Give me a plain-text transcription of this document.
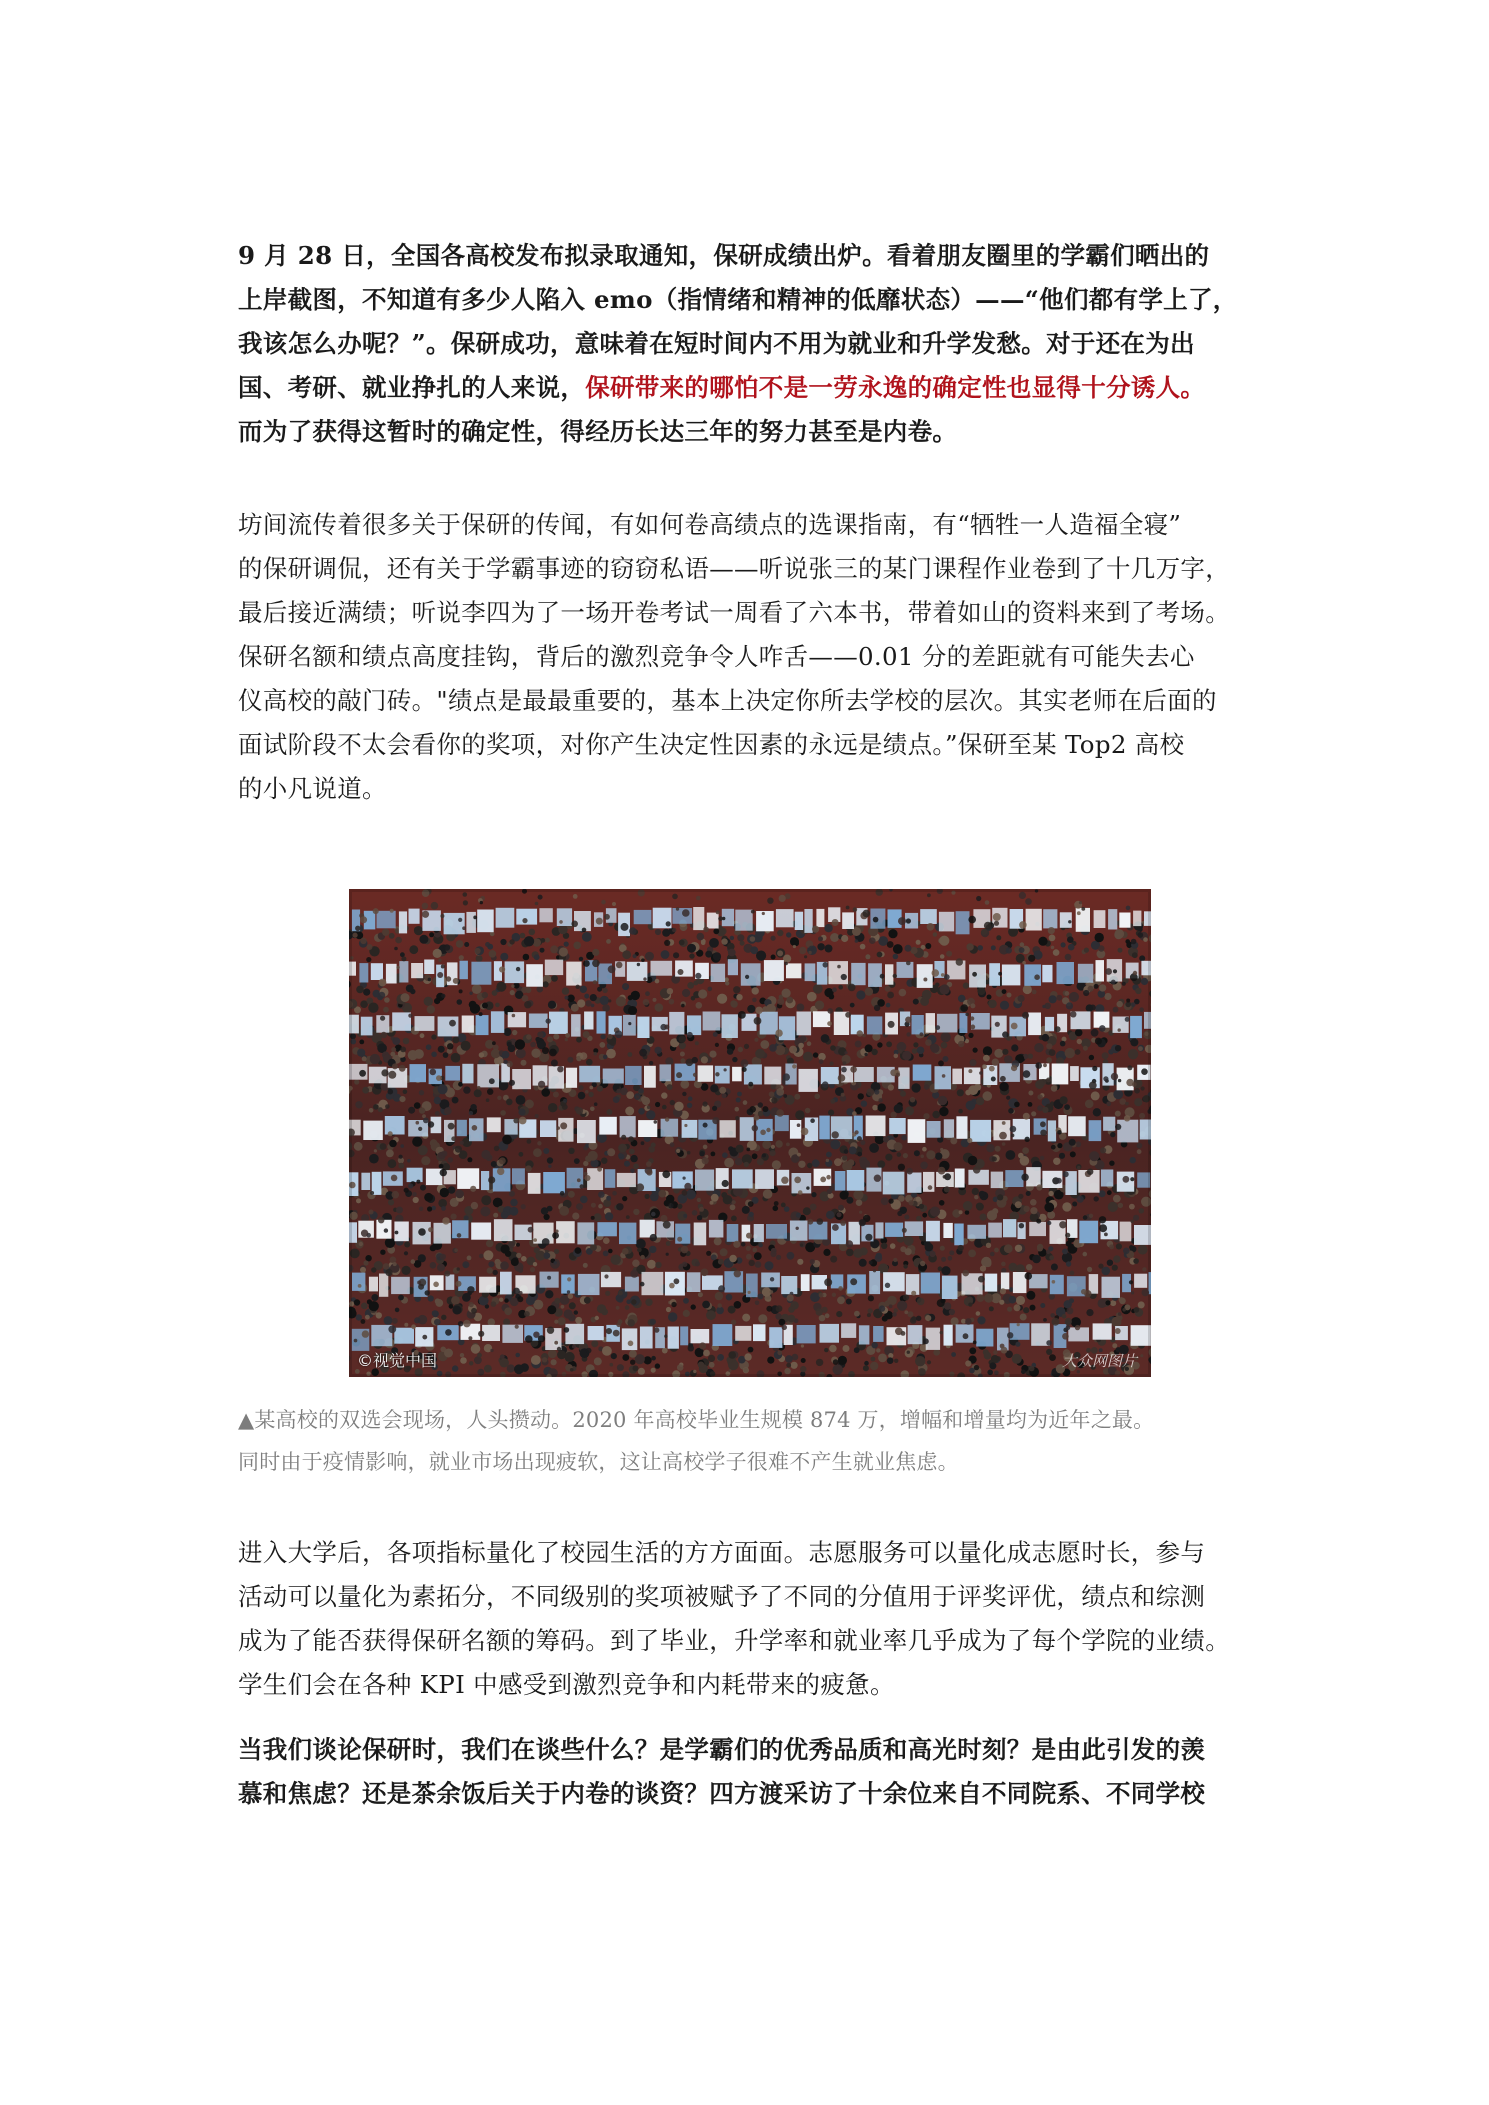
9 月 28 日，全国各高校发布拟录取通知，保研成绩出炉。看着朋友圈里的学霸们晒出的
上岸截图，不知道有多少人陷入 emo（指情绪和精神的低靡状态）——“他们都有学上了，
我该怎么办呢？”。保研成功，意味着在短时间内不用为就业和升学发愁。对于还在为出
国、考研、就业挣扎的人来说，保研带来的哪怕不是一劳永逸的确定性也显得十分诱人。
而为了获得这暂时的确定性，得经历长达三年的努力甚至是内卷。

坊间流传着很多关于保研的传闻，有如何卷高绩点的选课指南，有“牺牲一人造福全寝”
的保研调侃，还有关于学霸事迹的窃窃私语——听说张三的某门课程作业卷到了十几万字，
最后接近满绩；听说李四为了一场开卷考试一周看了六本书，带着如山的资料来到了考场。
保研名额和绩点高度挂钩，背后的激烈竞争令人咋舌——0.01 分的差距就有可能失去心
仪高校的敲门砖。"绩点是最最重要的，基本上决定你所去学校的层次。其实老师在后面的
面试阶段不太会看你的奖项，对你产生决定性因素的永远是绩点。”保研至某 Top2 高校
的小凡说道。

©视觉中国	大众网图片

▲某高校的双选会现场，人头攒动。2020 年高校毕业生规模 874 万，增幅和增量均为近年之最。
同时由于疫情影响，就业市场出现疲软，这让高校学子很难不产生就业焦虑。

进入大学后，各项指标量化了校园生活的方方面面。志愿服务可以量化成志愿时长，参与
活动可以量化为素拓分，不同级别的奖项被赋予了不同的分值用于评奖评优，绩点和综测
成为了能否获得保研名额的筹码。到了毕业，升学率和就业率几乎成为了每个学院的业绩。
学生们会在各种 KPI 中感受到激烈竞争和内耗带来的疲惫。

当我们谈论保研时，我们在谈些什么？是学霸们的优秀品质和高光时刻？是由此引发的羡
慕和焦虑？还是茶余饭后关于内卷的谈资？四方渡采访了十余位来自不同院系、不同学校
